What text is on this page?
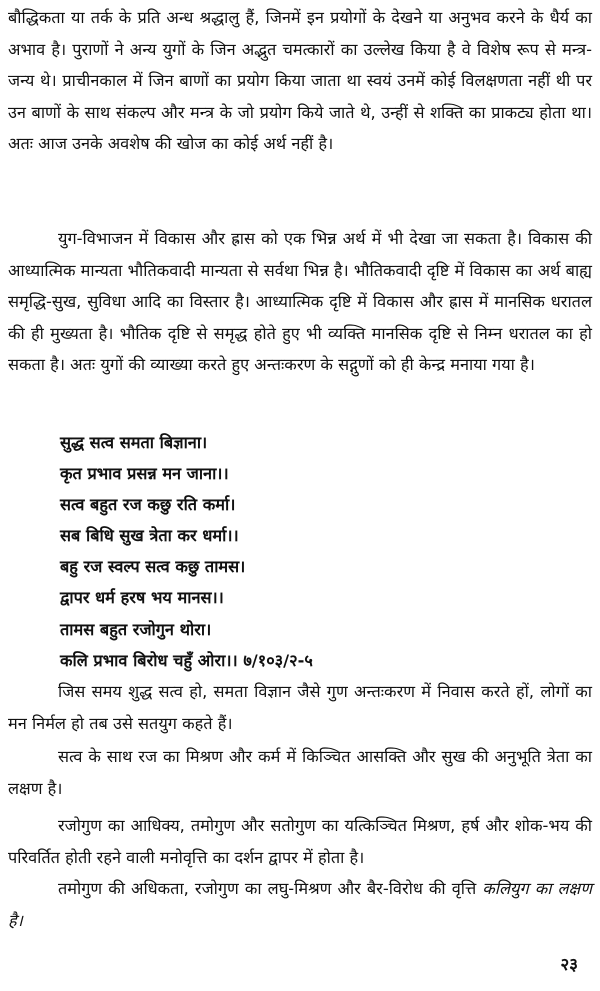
बौद्धिकता या तर्क के प्रति अन्ध श्रद्धालु हैं, जिनमें इन प्रयोगों के देखने या अनुभव करने के धैर्य का अभाव है। पुराणों ने अन्य युगों के जिन अद्भुत चमत्कारों का उल्लेख किया है वे विशेष रूप से मन्त्र-जन्य थे। प्राचीनकाल में जिन बाणों का प्रयोग किया जाता था स्वयं उनमें कोई विलक्षणता नहीं थी पर उन बाणों के साथ संकल्प और मन्त्र के जो प्रयोग किये जाते थे, उन्हीं से शक्ति का प्राकट्य होता था। अतः आज उनके अवशेष की खोज का कोई अर्थ नहीं है।

युग-विभाजन में विकास और ह्रास को एक भिन्न अर्थ में भी देखा जा सकता है। विकास की आध्यात्मिक मान्यता भौतिकवादी मान्यता से सर्वथा भिन्न है। भौतिकवादी दृष्टि में विकास का अर्थ बाह्य समृद्धि-सुख, सुविधा आदि का विस्तार है। आध्यात्मिक दृष्टि में विकास और ह्रास में मानसिक धरातल की ही मुख्यता है। भौतिक दृष्टि से समृद्ध होते हुए भी व्यक्ति मानसिक दृष्टि से निम्न धरातल का हो सकता है। अतः युगों की व्याख्या करते हुए अन्तःकरण के सद्गुणों को ही केन्द्र मनाया गया है।

सुद्ध सत्व समता बिज्ञाना।
कृत प्रभाव प्रसन्न मन जाना।।
सत्व बहुत रज कछु रति कर्मा।
सब बिधि सुख त्रेता कर धर्मा।।
बहु रज स्वल्प सत्व कछु तामस।
द्वापर धर्म हरष भय मानस।।
तामस बहुत रजोगुन थोरा।
कलि प्रभाव बिरोध चहुँ ओरा।। ७/१०३/२-५

जिस समय शुद्ध सत्व हो, समता विज्ञान जैसे गुण अन्तःकरण में निवास करते हों, लोगों का मन निर्मल हो तब उसे सतयुग कहते हैं।

सत्व के साथ रज का मिश्रण और कर्म में किञ्चित आसक्ति और सुख की अनुभूति त्रेता का लक्षण है।

रजोगुण का आधिक्य, तमोगुण और सतोगुण का यत्किञ्चित मिश्रण, हर्ष और शोक-भय की परिवर्तित होती रहने वाली मनोवृत्ति का दर्शन द्वापर में होता है।

तमोगुण की अधिकता, रजोगुण का लघु-मिश्रण और बैर-विरोध की वृत्ति कलियुग का लक्षण है।

२३
